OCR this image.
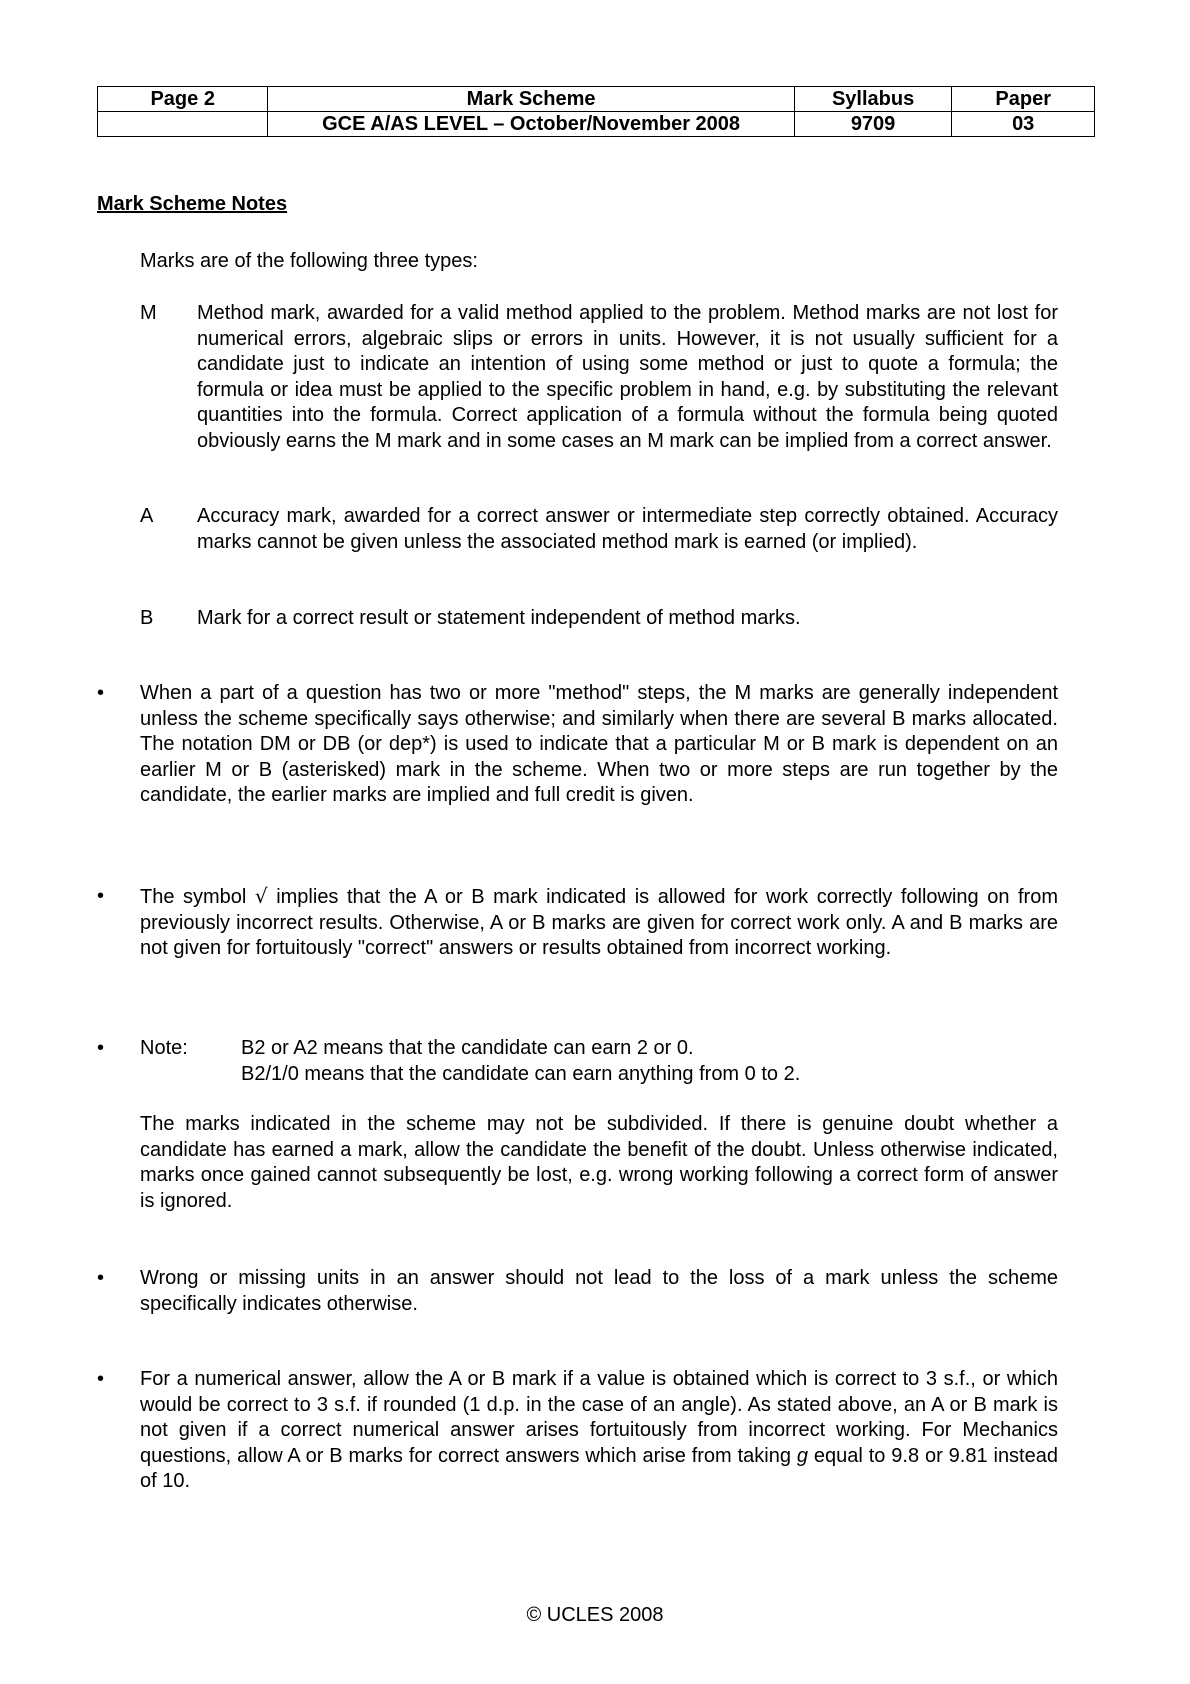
Page 2	Mark Scheme	Syllabus	Paper
	GCE A/AS LEVEL – October/November 2008	9709	03

Mark Scheme Notes

Marks are of the following three types:

M Method mark, awarded for a valid method applied to the problem. Method marks are not lost for numerical errors, algebraic slips or errors in units. However, it is not usually sufficient for a candidate just to indicate an intention of using some method or just to quote a formula; the formula or idea must be applied to the specific problem in hand, e.g. by substituting the relevant quantities into the formula. Correct application of a formula without the formula being quoted obviously earns the M mark and in some cases an M mark can be implied from a correct answer.

A Accuracy mark, awarded for a correct answer or intermediate step correctly obtained. Accuracy marks cannot be given unless the associated method mark is earned (or implied).

B Mark for a correct result or statement independent of method marks.

•	When a part of a question has two or more "method" steps, the M marks are generally independent unless the scheme specifically says otherwise; and similarly when there are several B marks allocated. The notation DM or DB (or dep*) is used to indicate that a particular M or B mark is dependent on an earlier M or B (asterisked) mark in the scheme. When two or more steps are run together by the candidate, the earlier marks are implied and full credit is given.

•	The symbol √ implies that the A or B mark indicated is allowed for work correctly following on from previously incorrect results. Otherwise, A or B marks are given for correct work only. A and B marks are not given for fortuitously "correct" answers or results obtained from incorrect working.

•	Note:	B2 or A2 means that the candidate can earn 2 or 0.
B2/1/0 means that the candidate can earn anything from 0 to 2.

The marks indicated in the scheme may not be subdivided. If there is genuine doubt whether a candidate has earned a mark, allow the candidate the benefit of the doubt. Unless otherwise indicated, marks once gained cannot subsequently be lost, e.g. wrong working following a correct form of answer is ignored.

•	Wrong or missing units in an answer should not lead to the loss of a mark unless the scheme specifically indicates otherwise.

•	For a numerical answer, allow the A or B mark if a value is obtained which is correct to 3 s.f., or which would be correct to 3 s.f. if rounded (1 d.p. in the case of an angle). As stated above, an A or B mark is not given if a correct numerical answer arises fortuitously from incorrect working. For Mechanics questions, allow A or B marks for correct answers which arise from taking g equal to 9.8 or 9.81 instead of 10.

© UCLES 2008
